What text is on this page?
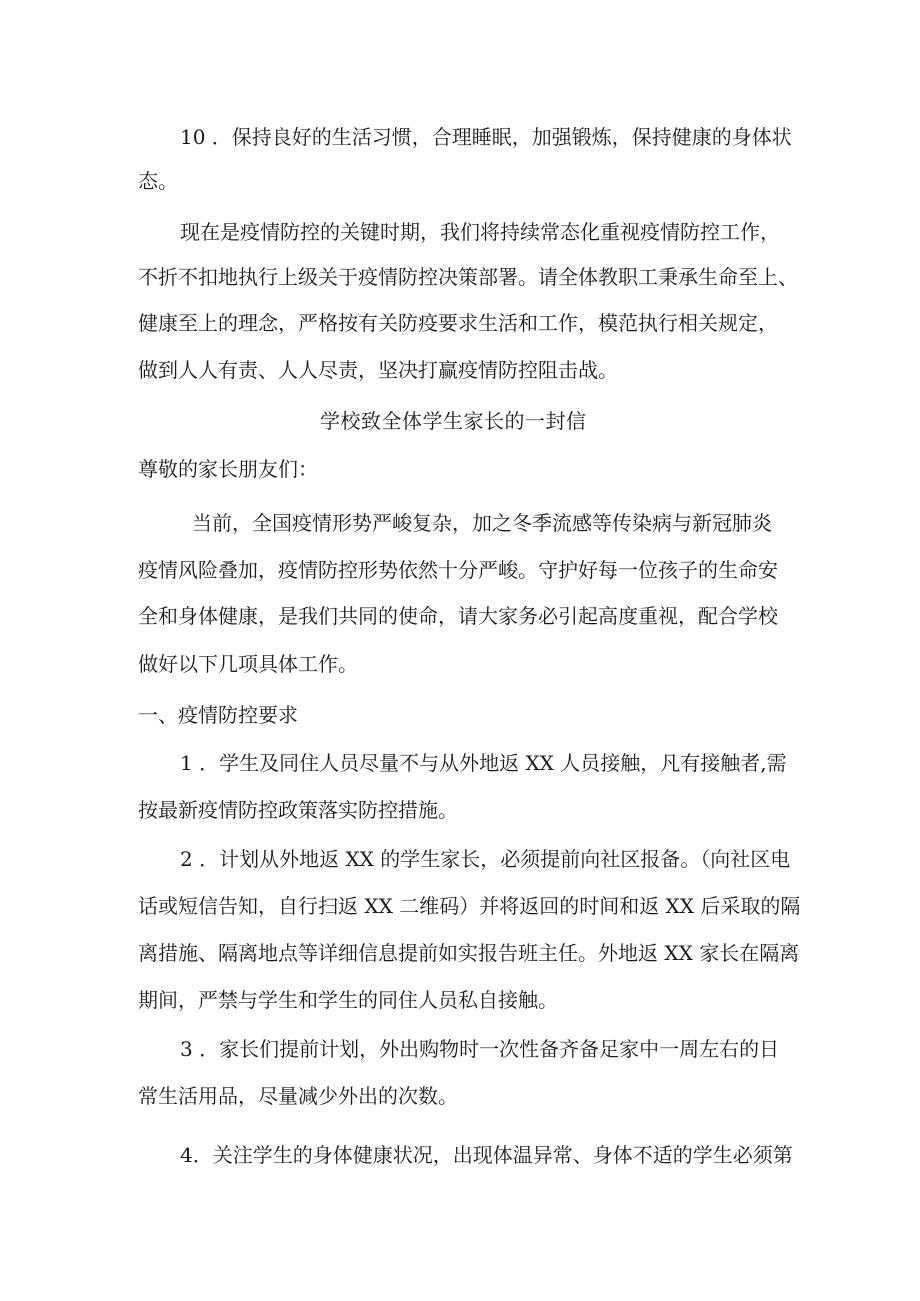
10 ．保持良好的生活习惯，合理睡眠，加强锻炼，保持健康的身体状
态。
现在是疫情防控的关键时期，我们将持续常态化重视疫情防控工作，
不折不扣地执行上级关于疫情防控决策部署。请全体教职工秉承生命至上、
健康至上的理念，严格按有关防疫要求生活和工作，模范执行相关规定，
做到人人有责、人人尽责，坚决打赢疫情防控阻击战。
学校致全体学生家长的一封信
尊敬的家长朋友们：
当前，全国疫情形势严峻复杂，加之冬季流感等传染病与新冠肺炎
疫情风险叠加，疫情防控形势依然十分严峻。守护好每一位孩子的生命安
全和身体健康，是我们共同的使命，请大家务必引起高度重视，配合学校
做好以下几项具体工作。
一、疫情防控要求
1 ．学生及同住人员尽量不与从外地返 XX 人员接触，凡有接触者,需
按最新疫情防控政策落实防控措施。
2 ．计划从外地返 XX 的学生家长，必须提前向社区报备。（向社区电
话或短信告知，自行扫返 XX 二维码）并将返回的时间和返 XX 后采取的隔
离措施、隔离地点等详细信息提前如实报告班主任。外地返 XX 家长在隔离
期间，严禁与学生和学生的同住人员私自接触。
3 ．家长们提前计划，外出购物时一次性备齐备足家中一周左右的日
常生活用品，尽量减少外出的次数。
4．关注学生的身体健康状况，出现体温异常、身体不适的学生必须第
